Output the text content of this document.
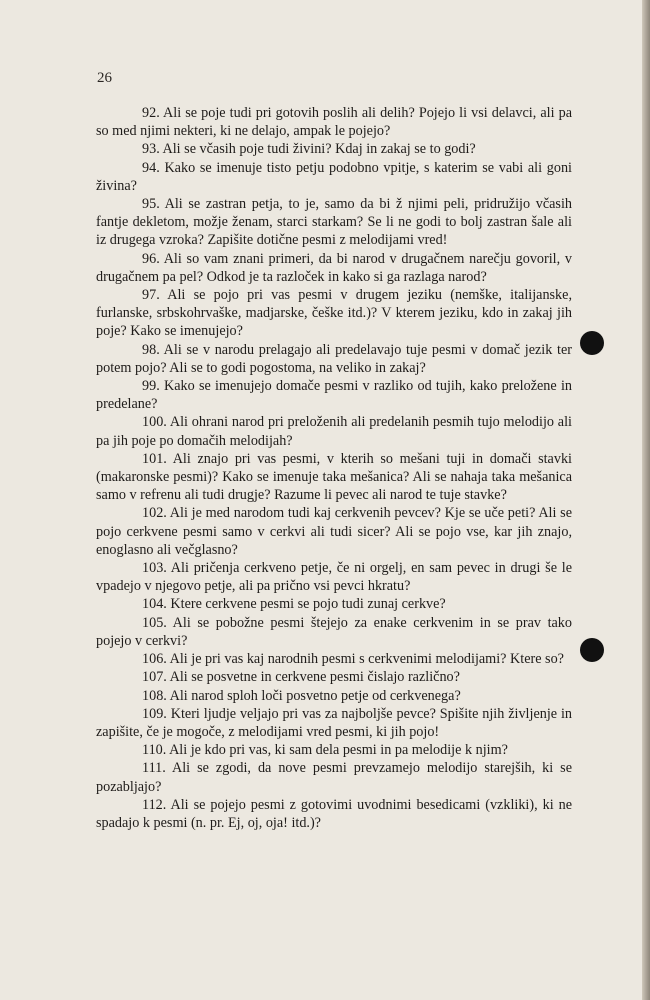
26

92. Ali se poje tudi pri gotovih poslih ali delih? Pojejo li vsi delavci, ali pa so med njimi nekteri, ki ne delajo, ampak le pojejo?

93. Ali se včasih poje tudi živini? Kdaj in zakaj se to godi?

94. Kako se imenuje tisto petju podobno vpitje, s katerim se vabi ali goni živina?

95. Ali se zastran petja, to je, samo da bi ž njimi peli, pridružijo včasih fantje dekletom, možje ženam, starci starkam? Se li ne godi to bolj zastran šale ali iz drugega vzroka? Zapišite dotične pesmi z melodijami vred!

96. Ali so vam znani primeri, da bi narod v drugačnem narečju govoril, v drugačnem pa pel? Odkod je ta razloček in kako si ga razlaga narod?

97. Ali se pojo pri vas pesmi v drugem jeziku (nemške, italijanske, furlanske, srbskohrvaške, madjarske, češke itd.)? V kterem jeziku, kdo in zakaj jih poje? Kako se imenujejo?

98. Ali se v narodu prelagajo ali predelavajo tuje pesmi v domač jezik ter potem pojo? Ali se to godi pogostoma, na veliko in zakaj?

99. Kako se imenujejo domače pesmi v razliko od tujih, kako preložene in predelane?

100. Ali ohrani narod pri preloženih ali predelanih pesmih tujo melodijo ali pa jih poje po domačih melodijah?

101. Ali znajo pri vas pesmi, v kterih so mešani tuji in domači stavki (makaronske pesmi)? Kako se imenuje taka mešanica? Ali se nahaja taka mešanica samo v refrenu ali tudi drugje? Razume li pevec ali narod te tuje stavke?

102. Ali je med narodom tudi kaj cerkvenih pevcev? Kje se uče peti? Ali se pojo cerkvene pesmi samo v cerkvi ali tudi sicer? Ali se pojo vse, kar jih znajo, enoglasno ali večglasno?

103. Ali pričenja cerkveno petje, če ni orgelj, en sam pevec in drugi še le vpadejo v njegovo petje, ali pa prično vsi pevci hkratu?

104. Ktere cerkvene pesmi se pojo tudi zunaj cerkve?

105. Ali se pobožne pesmi štejejo za enake cerkvenim in se prav tako pojejo v cerkvi?

106. Ali je pri vas kaj narodnih pesmi s cerkvenimi melodijami? Ktere so?

107. Ali se posvetne in cerkvene pesmi čislajo različno?

108. Ali narod sploh loči posvetno petje od cerkvenega?

109. Kteri ljudje veljajo pri vas za najboljše pevce? Spišite njih življenje in zapišite, če je mogoče, z melodijami vred pesmi, ki jih pojo!

110. Ali je kdo pri vas, ki sam dela pesmi in pa melodije k njim?

111. Ali se zgodi, da nove pesmi prevzamejo melodijo starejših, ki se pozabljajo?

112. Ali se pojejo pesmi z gotovimi uvodnimi besedicami (vzkliki), ki ne spadajo k pesmi (n. pr. Ej, oj, oja! itd.)?
